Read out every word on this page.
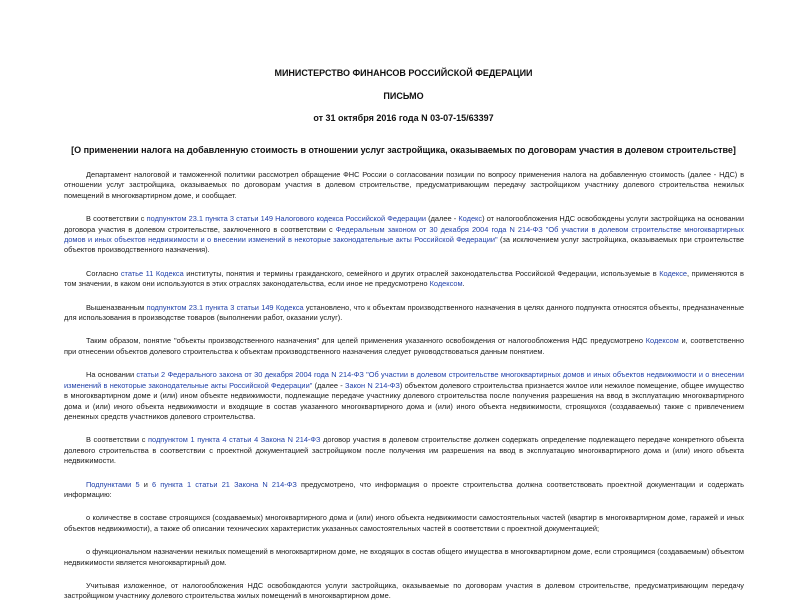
МИНИСТЕРСТВО ФИНАНСОВ РОССИЙСКОЙ ФЕДЕРАЦИИ
ПИСЬМО
от 31 октября 2016 года N 03-07-15/63397
[О применении налога на добавленную стоимость в отношении услуг застройщика, оказываемых по договорам участия в долевом строительстве]

Департамент налоговой и таможенной политики рассмотрел обращение ФНС России о согласовании позиции по вопросу применения налога на добавленную стоимость (далее - НДС) в отношении услуг застройщика, оказываемых по договорам участия в долевом строительстве, предусматривающим передачу застройщиком участнику долевого строительства нежилых помещений в многоквартирном доме, и сообщает.

В соответствии с подпунктом 23.1 пункта 3 статьи 149 Налогового кодекса Российской Федерации (далее - Кодекс) от налогообложения НДС освобождены услуги застройщика на основании договора участия в долевом строительстве, заключенного в соответствии с Федеральным законом от 30 декабря 2004 года N 214-ФЗ "Об участии в долевом строительстве многоквартирных домов и иных объектов недвижимости и о внесении изменений в некоторые законодательные акты Российской Федерации" (за исключением услуг застройщика, оказываемых при строительстве объектов производственного назначения).

Согласно статье 11 Кодекса институты, понятия и термины гражданского, семейного и других отраслей законодательства Российской Федерации, используемые в Кодексе, применяются в том значении, в каком они используются в этих отраслях законодательства, если иное не предусмотрено Кодексом.

Вышеназванным подпунктом 23.1 пункта 3 статьи 149 Кодекса установлено, что к объектам производственного назначения в целях данного подпункта относятся объекты, предназначенные для использования в производстве товаров (выполнении работ, оказании услуг).

Таким образом, понятие "объекты производственного назначения" для целей применения указанного освобождения от налогообложения НДС предусмотрено Кодексом и, соответственно при отнесении объектов долевого строительства к объектам производственного назначения следует руководствоваться данным понятием.

На основании статьи 2 Федерального закона от 30 декабря 2004 года N 214-ФЗ "Об участии в долевом строительстве многоквартирных домов и иных объектов недвижимости и о внесении изменений в некоторые законодательные акты Российской Федерации" (далее - Закон N 214-ФЗ) объектом долевого строительства признается жилое или нежилое помещение, общее имущество в многоквартирном доме и (или) ином объекте недвижимости, подлежащие передаче участнику долевого строительства после получения разрешения на ввод в эксплуатацию многоквартирного дома и (или) иного объекта недвижимости и входящие в состав указанного многоквартирного дома и (или) иного объекта недвижимости, строящихся (создаваемых) также с привлечением денежных средств участников долевого строительства.

В соответствии с подпунктом 1 пункта 4 статьи 4 Закона N 214-ФЗ договор участия в долевом строительстве должен содержать определение подлежащего передаче конкретного объекта долевого строительства в соответствии с проектной документацией застройщиком после получения им разрешения на ввод в эксплуатацию многоквартирного дома и (или) иного объекта недвижимости.

Подпунктами 5 и 6 пункта 1 статьи 21 Закона N 214-ФЗ предусмотрено, что информация о проекте строительства должна соответствовать проектной документации и содержать информацию:

о количестве в составе строящихся (создаваемых) многоквартирного дома и (или) иного объекта недвижимости самостоятельных частей (квартир в многоквартирном доме, гаражей и иных объектов недвижимости), а также об описании технических характеристик указанных самостоятельных частей в соответствии с проектной документацией;

о функциональном назначении нежилых помещений в многоквартирном доме, не входящих в состав общего имущества в многоквартирном доме, если строящимся (создаваемым) объектом недвижимости является многоквартирный дом.

Учитывая изложенное, от налогообложения НДС освобождаются услуги застройщика, оказываемые по договорам участия в долевом строительстве, предусматривающим передачу застройщиком участнику долевого строительства жилых помещений в многоквартирном доме.
